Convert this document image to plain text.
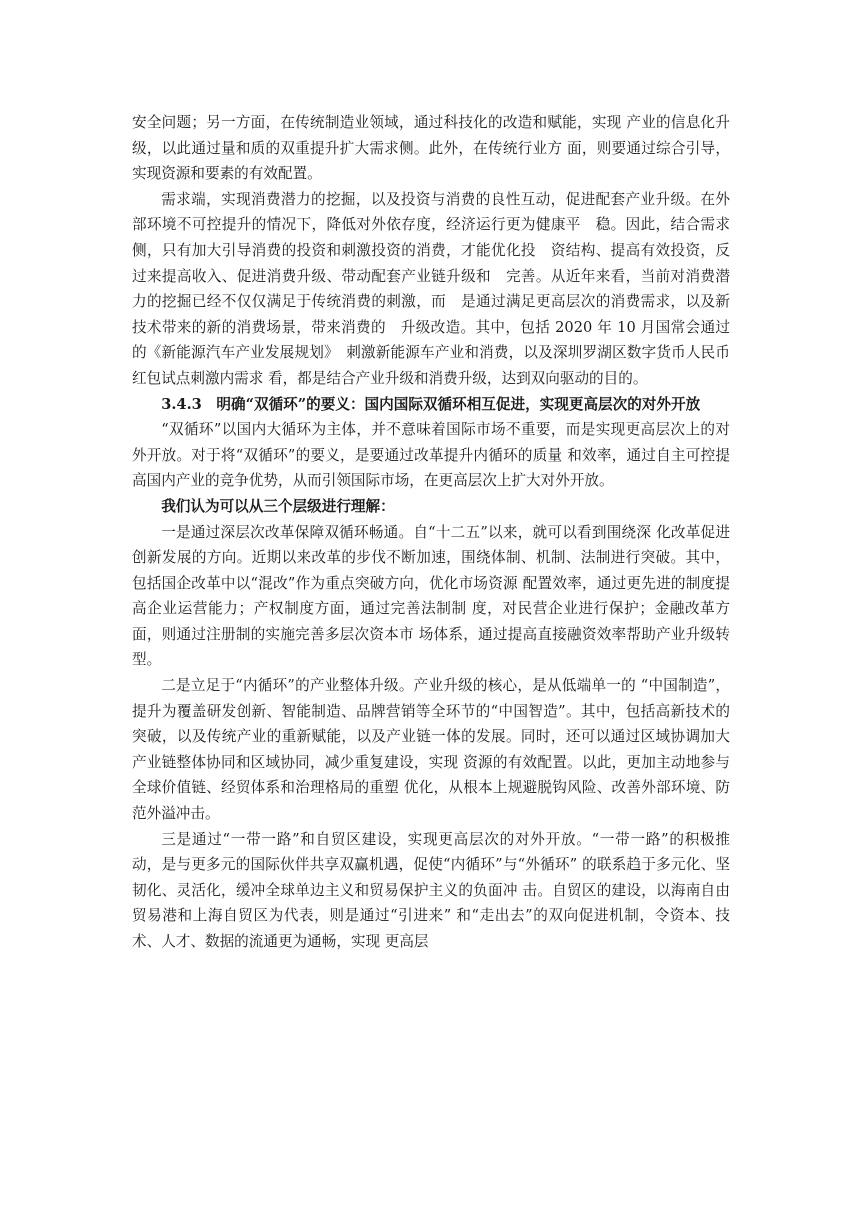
安全问题；另一方面，在传统制造业领域，通过科技化的改造和赋能，实现 产业的信息化升级，以此通过量和质的双重提升扩大需求侧。此外，在传统行业方 面，则要通过综合引导，实现资源和要素的有效配置。

需求端，实现消费潜力的挖掘，以及投资与消费的良性互动，促进配套产业升级。在外部环境不可控提升的情况下，降低对外依存度，经济运行更为健康平　稳。因此，结合需求侧，只有加大引导消费的投资和刺激投资的消费，才能优化投　资结构、提高有效投资，反过来提高收入、促进消费升级、带动配套产业链升级和　完善。从近年来看，当前对消费潜力的挖掘已经不仅仅满足于传统消费的刺激，而　是通过满足更高层次的消费需求，以及新技术带来的新的消费场景，带来消费的　升级改造。其中，包括 2020 年 10 月国常会通过的《新能源汽车产业发展规划》　刺激新能源车产业和消费，以及深圳罗湖区数字货币人民币红包试点刺激内需求 看，都是结合产业升级和消费升级，达到双向驱动的目的。

3.4.3　明确“双循环”的要义：国内国际双循环相互促进，实现更高层次的对外开放

“双循环”以国内大循环为主体，并不意味着国际市场不重要，而是实现更高层次上的对外开放。对于将“双循环”的要义，是要通过改革提升内循环的质量 和效率，通过自主可控提高国内产业的竞争优势，从而引领国际市场，在更高层次上扩大对外开放。

我们认为可以从三个层级进行理解：

一是通过深层次改革保障双循环畅通。自“十二五”以来，就可以看到围绕深 化改革促进创新发展的方向。近期以来改革的步伐不断加速，围绕体制、机制、法制进行突破。其中，包括国企改革中以“混改”作为重点突破方向，优化市场资源 配置效率，通过更先进的制度提高企业运营能力；产权制度方面，通过完善法制制 度，对民营企业进行保护；金融改革方面，则通过注册制的实施完善多层次资本市 场体系，通过提高直接融资效率帮助产业升级转型。

二是立足于“内循环”的产业整体升级。产业升级的核心，是从低端单一的 “中国制造”，提升为覆盖研发创新、智能制造、品牌营销等全环节的“中国智造”。其中，包括高新技术的突破，以及传统产业的重新赋能，以及产业链一体的发展。同时，还可以通过区域协调加大产业链整体协同和区域协同，减少重复建设，实现 资源的有效配置。以此，更加主动地参与全球价值链、经贸体系和治理格局的重塑 优化，从根本上规避脱钩风险、改善外部环境、防范外溢冲击。

三是通过“一带一路”和自贸区建设，实现更高层次的对外开放。“一带一路”的积极推动，是与更多元的国际伙伴共享双赢机遇，促使“内循环”与“外循环” 的联系趋于多元化、坚韧化、灵活化，缓冲全球单边主义和贸易保护主义的负面冲 击。自贸区的建设，以海南自由贸易港和上海自贸区为代表，则是通过“引进来” 和“走出去”的双向促进机制，令资本、技术、人才、数据的流通更为通畅，实现 更高层
